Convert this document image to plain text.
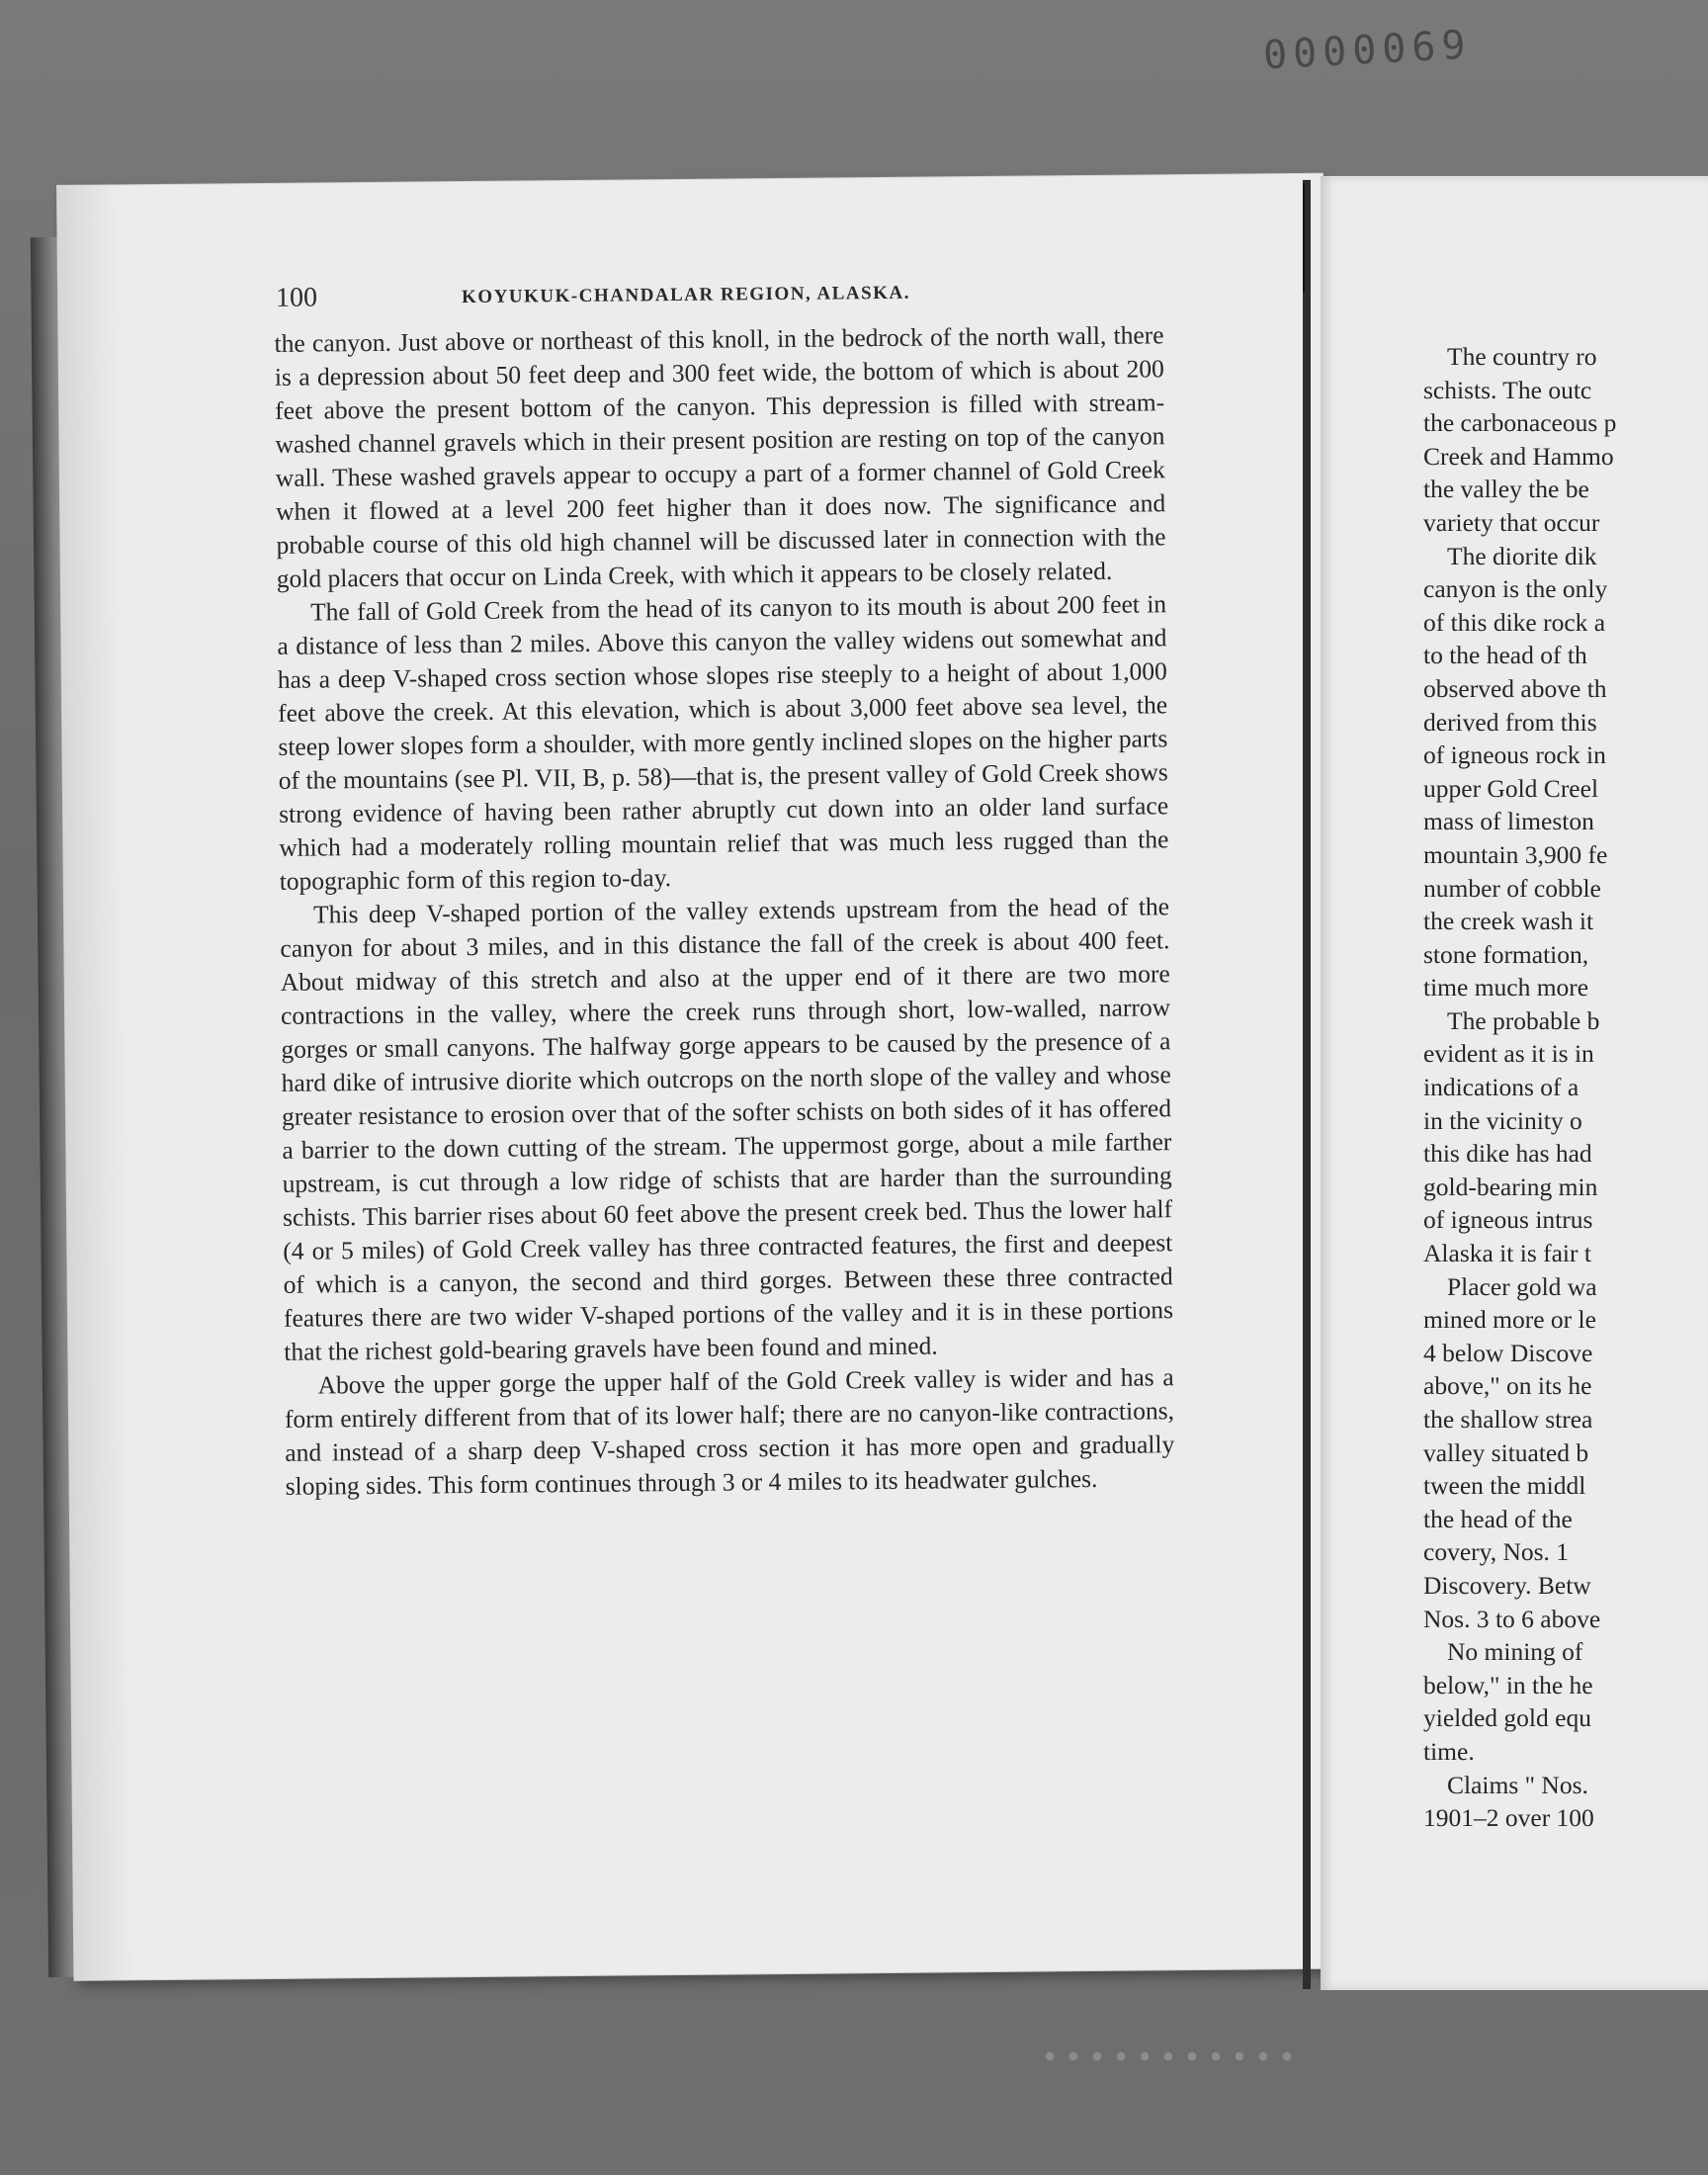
0000069
100	KOYUKUK-CHANDALAR REGION, ALASKA.

the canyon. Just above or northeast of this knoll, in the bedrock of the north wall, there is a depression about 50 feet deep and 300 feet wide, the bottom of which is about 200 feet above the present bottom of the canyon. This depression is filled with stream-washed channel gravels which in their present position are resting on top of the canyon wall. These washed gravels appear to occupy a part of a former channel of Gold Creek when it flowed at a level 200 feet higher than it does now. The significance and probable course of this old high channel will be discussed later in connection with the gold placers that occur on Linda Creek, with which it appears to be closely related.

The fall of Gold Creek from the head of its canyon to its mouth is about 200 feet in a distance of less than 2 miles. Above this canyon the valley widens out somewhat and has a deep V-shaped cross section whose slopes rise steeply to a height of about 1,000 feet above the creek. At this elevation, which is about 3,000 feet above sea level, the steep lower slopes form a shoulder, with more gently inclined slopes on the higher parts of the mountains (see Pl. VII, B, p. 58)—that is, the present valley of Gold Creek shows strong evidence of having been rather abruptly cut down into an older land surface which had a moderately rolling mountain relief that was much less rugged than the topographic form of this region to-day.

This deep V-shaped portion of the valley extends upstream from the head of the canyon for about 3 miles, and in this distance the fall of the creek is about 400 feet. About midway of this stretch and also at the upper end of it there are two more contractions in the valley, where the creek runs through short, low-walled, narrow gorges or small canyons. The halfway gorge appears to be caused by the presence of a hard dike of intrusive diorite which outcrops on the north slope of the valley and whose greater resistance to erosion over that of the softer schists on both sides of it has offered a barrier to the down cutting of the stream. The uppermost gorge, about a mile farther upstream, is cut through a low ridge of schists that are harder than the surrounding schists. This barrier rises about 60 feet above the present creek bed. Thus the lower half (4 or 5 miles) of Gold Creek valley has three contracted features, the first and deepest of which is a canyon, the second and third gorges. Between these three contracted features there are two wider V-shaped portions of the valley and it is in these portions that the richest gold-bearing gravels have been found and mined.

Above the upper gorge the upper half of the Gold Creek valley is wider and has a form entirely different from that of its lower half; there are no canyon-like contractions, and instead of a sharp deep V-shaped cross section it has more open and gradually sloping sides. This form continues through 3 or 4 miles to its headwater gulches.

The country ro
schists. The outc
the carbonaceous p
Creek and Hammo
the valley the be
variety that occur
The diorite dik
canyon is the only
of this dike rock a
to the head of th
observed above th
derived from this
of igneous rock in
upper Gold Creel
mass of limeston
mountain 3,900 fe
number of cobble
the creek wash it
stone formation,
time much more
The probable b
evident as it is in
indications of a
in the vicinity o
this dike has had
gold-bearing min
of igneous intrus
Alaska it is fair t
Placer gold wa
mined more or le
4 below Discove
above," on its he
the shallow strea
valley situated b
tween the middl
the head of the
covery, Nos. 1
Discovery. Betw
Nos. 3 to 6 above
No mining of
below," in the he
yielded gold equ
time.
Claims " Nos.
1901–2 over 100
